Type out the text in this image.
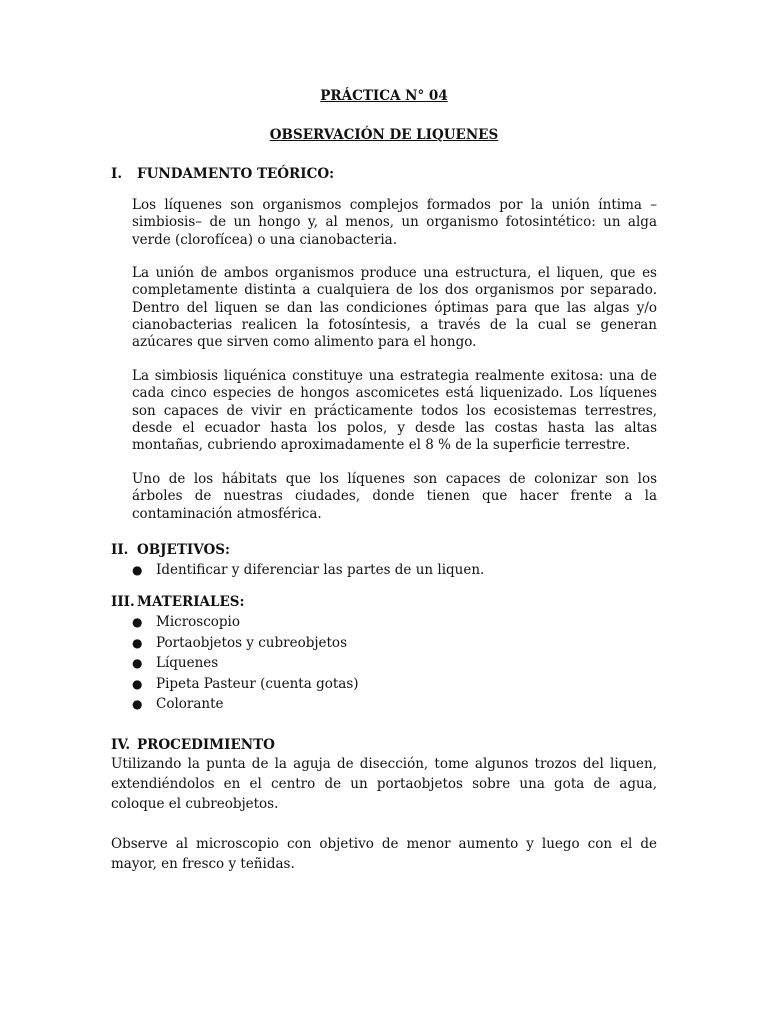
PRÁCTICA N° 04
OBSERVACIÓN DE LIQUENES
I. FUNDAMENTO TEÓRICO:

Los líquenes son organismos complejos formados por la unión íntima –simbiosis– de un hongo y, al menos, un organismo fotosintético: un alga verde (clorofícea) o una cianobacteria.

La unión de ambos organismos produce una estructura, el liquen, que es completamente distinta a cualquiera de los dos organismos por separado. Dentro del liquen se dan las condiciones óptimas para que las algas y/o cianobacterias realicen la fotosíntesis, a través de la cual se generan azúcares que sirven como alimento para el hongo.

La simbiosis liquénica constituye una estrategia realmente exitosa: una de cada cinco especies de hongos ascomicetes está liquenizado. Los líquenes son capaces de vivir en prácticamente todos los ecosistemas terrestres, desde el ecuador hasta los polos, y desde las costas hasta las altas montañas, cubriendo aproximadamente el 8 % de la superficie terrestre.

Uno de los hábitats que los líquenes son capaces de colonizar son los árboles de nuestras ciudades, donde tienen que hacer frente a la contaminación atmosférica.

II. OBJETIVOS:
● Identificar y diferenciar las partes de un liquen.
III. MATERIALES:
● Microscopio
● Portaobjetos y cubreobjetos
● Líquenes
● Pipeta Pasteur (cuenta gotas)
● Colorante
IV. PROCEDIMIENTO

Utilizando la punta de la aguja de disección, tome algunos trozos del liquen, extendiéndolos en el centro de un portaobjetos sobre una gota de agua, coloque el cubreobjetos.

Observe al microscopio con objetivo de menor aumento y luego con el de mayor, en fresco y teñidas.
